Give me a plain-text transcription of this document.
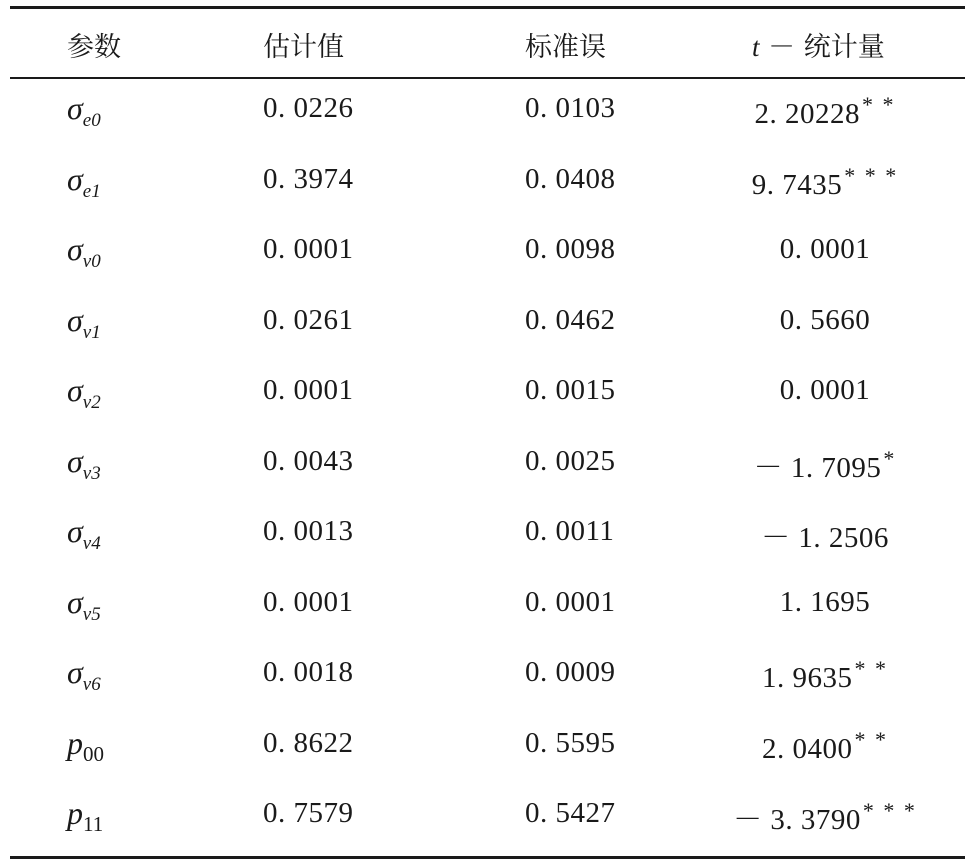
参数	估计值	标准误	t － 统计量
$\sigma_{e0}$	0. 0226	0. 0103	2. 20228* *
$\sigma_{e1}$	0. 3974	0. 0408	9. 7435* * *
$\sigma_{v0}$	0. 0001	0. 0098	0. 0001
$\sigma_{v1}$	0. 0261	0. 0462	0. 5660
$\sigma_{v2}$	0. 0001	0. 0015	0. 0001
$\sigma_{v3}$	0. 0043	0. 0025	－ 1. 7095*
$\sigma_{v4}$	0. 0013	0. 0011	－ 1. 2506
$\sigma_{v5}$	0. 0001	0. 0001	1. 1695
$\sigma_{v6}$	0. 0018	0. 0009	1. 9635* *
$p_{00}$	0. 8622	0. 5595	2. 0400* *
$p_{11}$	0. 7579	0. 5427	－ 3. 3790* * *
